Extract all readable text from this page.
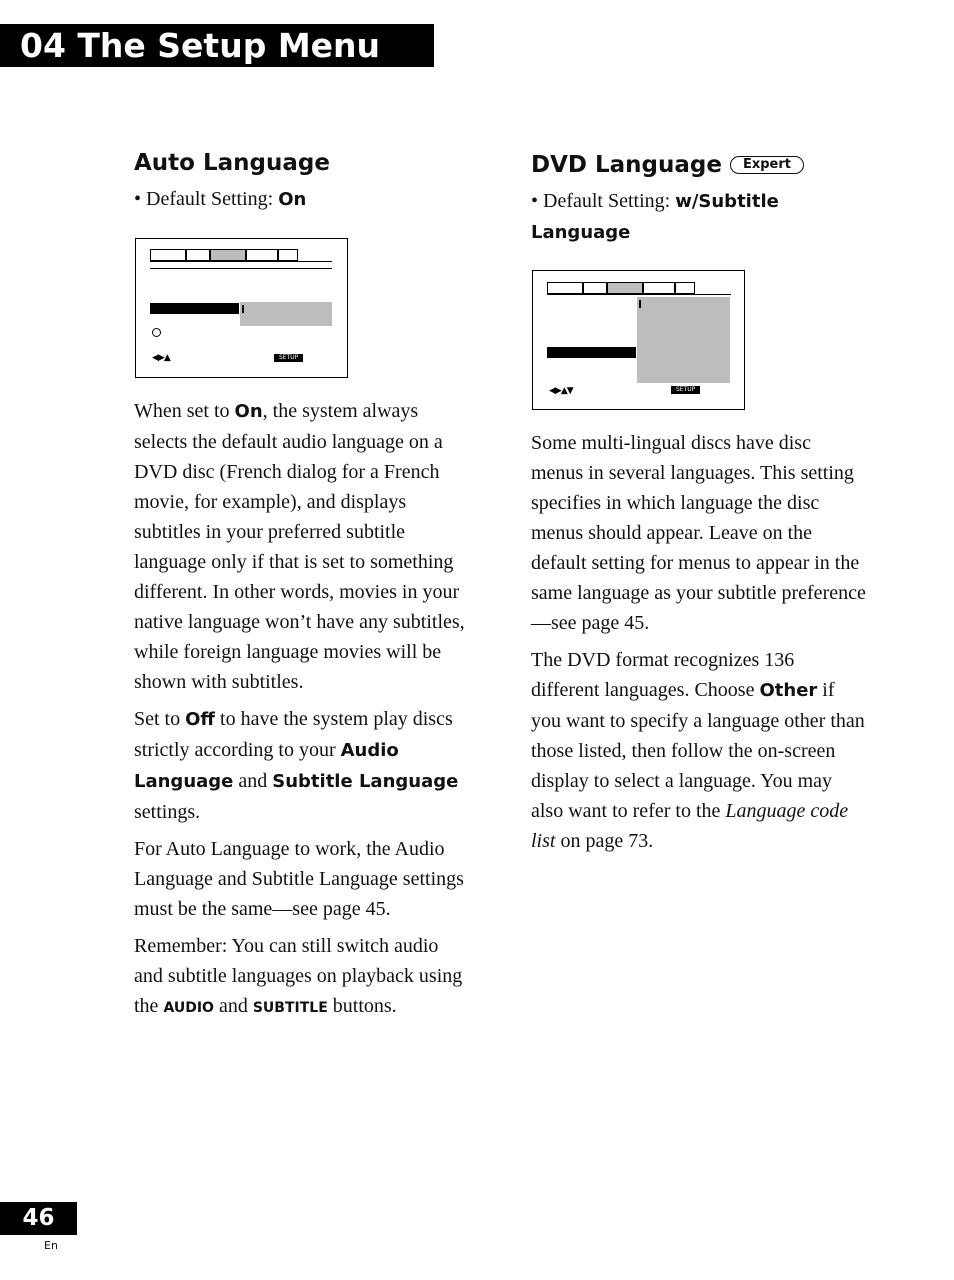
04 The Setup Menu
Auto Language
• Default Setting: On
◀▶▲	SETUP

When set to On, the system always selects the default audio language on a DVD disc (French dialog for a French movie, for example), and displays subtitles in your preferred subtitle language only if that is set to something different. In other words, movies in your native language won’t have any subtitles, while foreign language movies will be shown with subtitles.

Set to Off to have the system play discs strictly according to your Audio Language and Subtitle Language settings.

For Auto Language to work, the Audio Language and Subtitle Language settings must be the same—see page 45.

Remember: You can still switch audio and subtitle languages on playback using the AUDIO and SUBTITLE buttons.

DVD Language Expert
• Default Setting: w/Subtitle Language
◀▶▲▼	SETUP

Some multi-lingual discs have disc menus in several languages. This setting specifies in which language the disc menus should appear. Leave on the default setting for menus to appear in the same language as your subtitle preference—see page 45.

The DVD format recognizes 136 different languages. Choose Other if you want to specify a language other than those listed, then follow the on-screen display to select a language. You may also want to refer to the Language code list on page 73.

46
En
